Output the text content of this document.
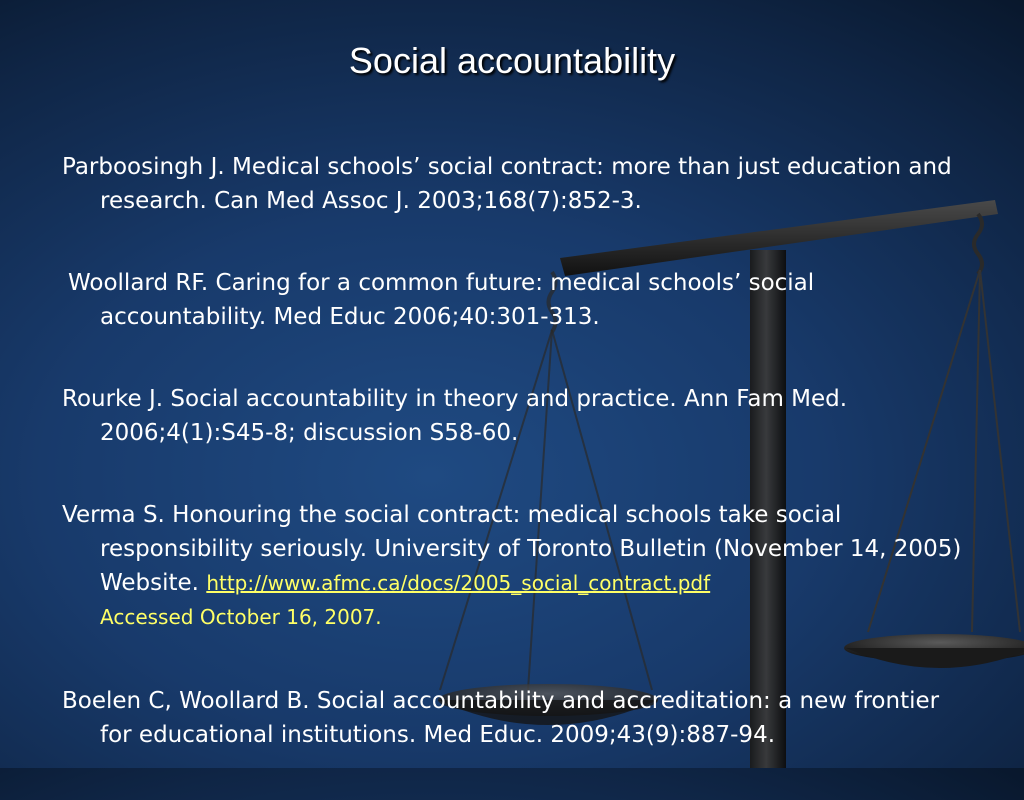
Social accountability
Parboosingh J. Medical schools’ social contract: more than just education and research. Can Med Assoc J. 2003;168(7):852-3.
Woollard RF. Caring for a common future: medical schools’ social accountability. Med Educ 2006;40:301-313.
Rourke J. Social accountability in theory and practice. Ann Fam Med. 2006;4(1):S45-8; discussion S58-60.
Verma S. Honouring the social contract: medical schools take social responsibility seriously. University of Toronto Bulletin (November 14, 2005) Website. http://www.afmc.ca/docs/2005_social_contract.pdf
Accessed October 16, 2007.
Boelen C, Woollard B. Social accountability and accreditation: a new frontier for educational institutions. Med Educ. 2009;43(9):887-94.
